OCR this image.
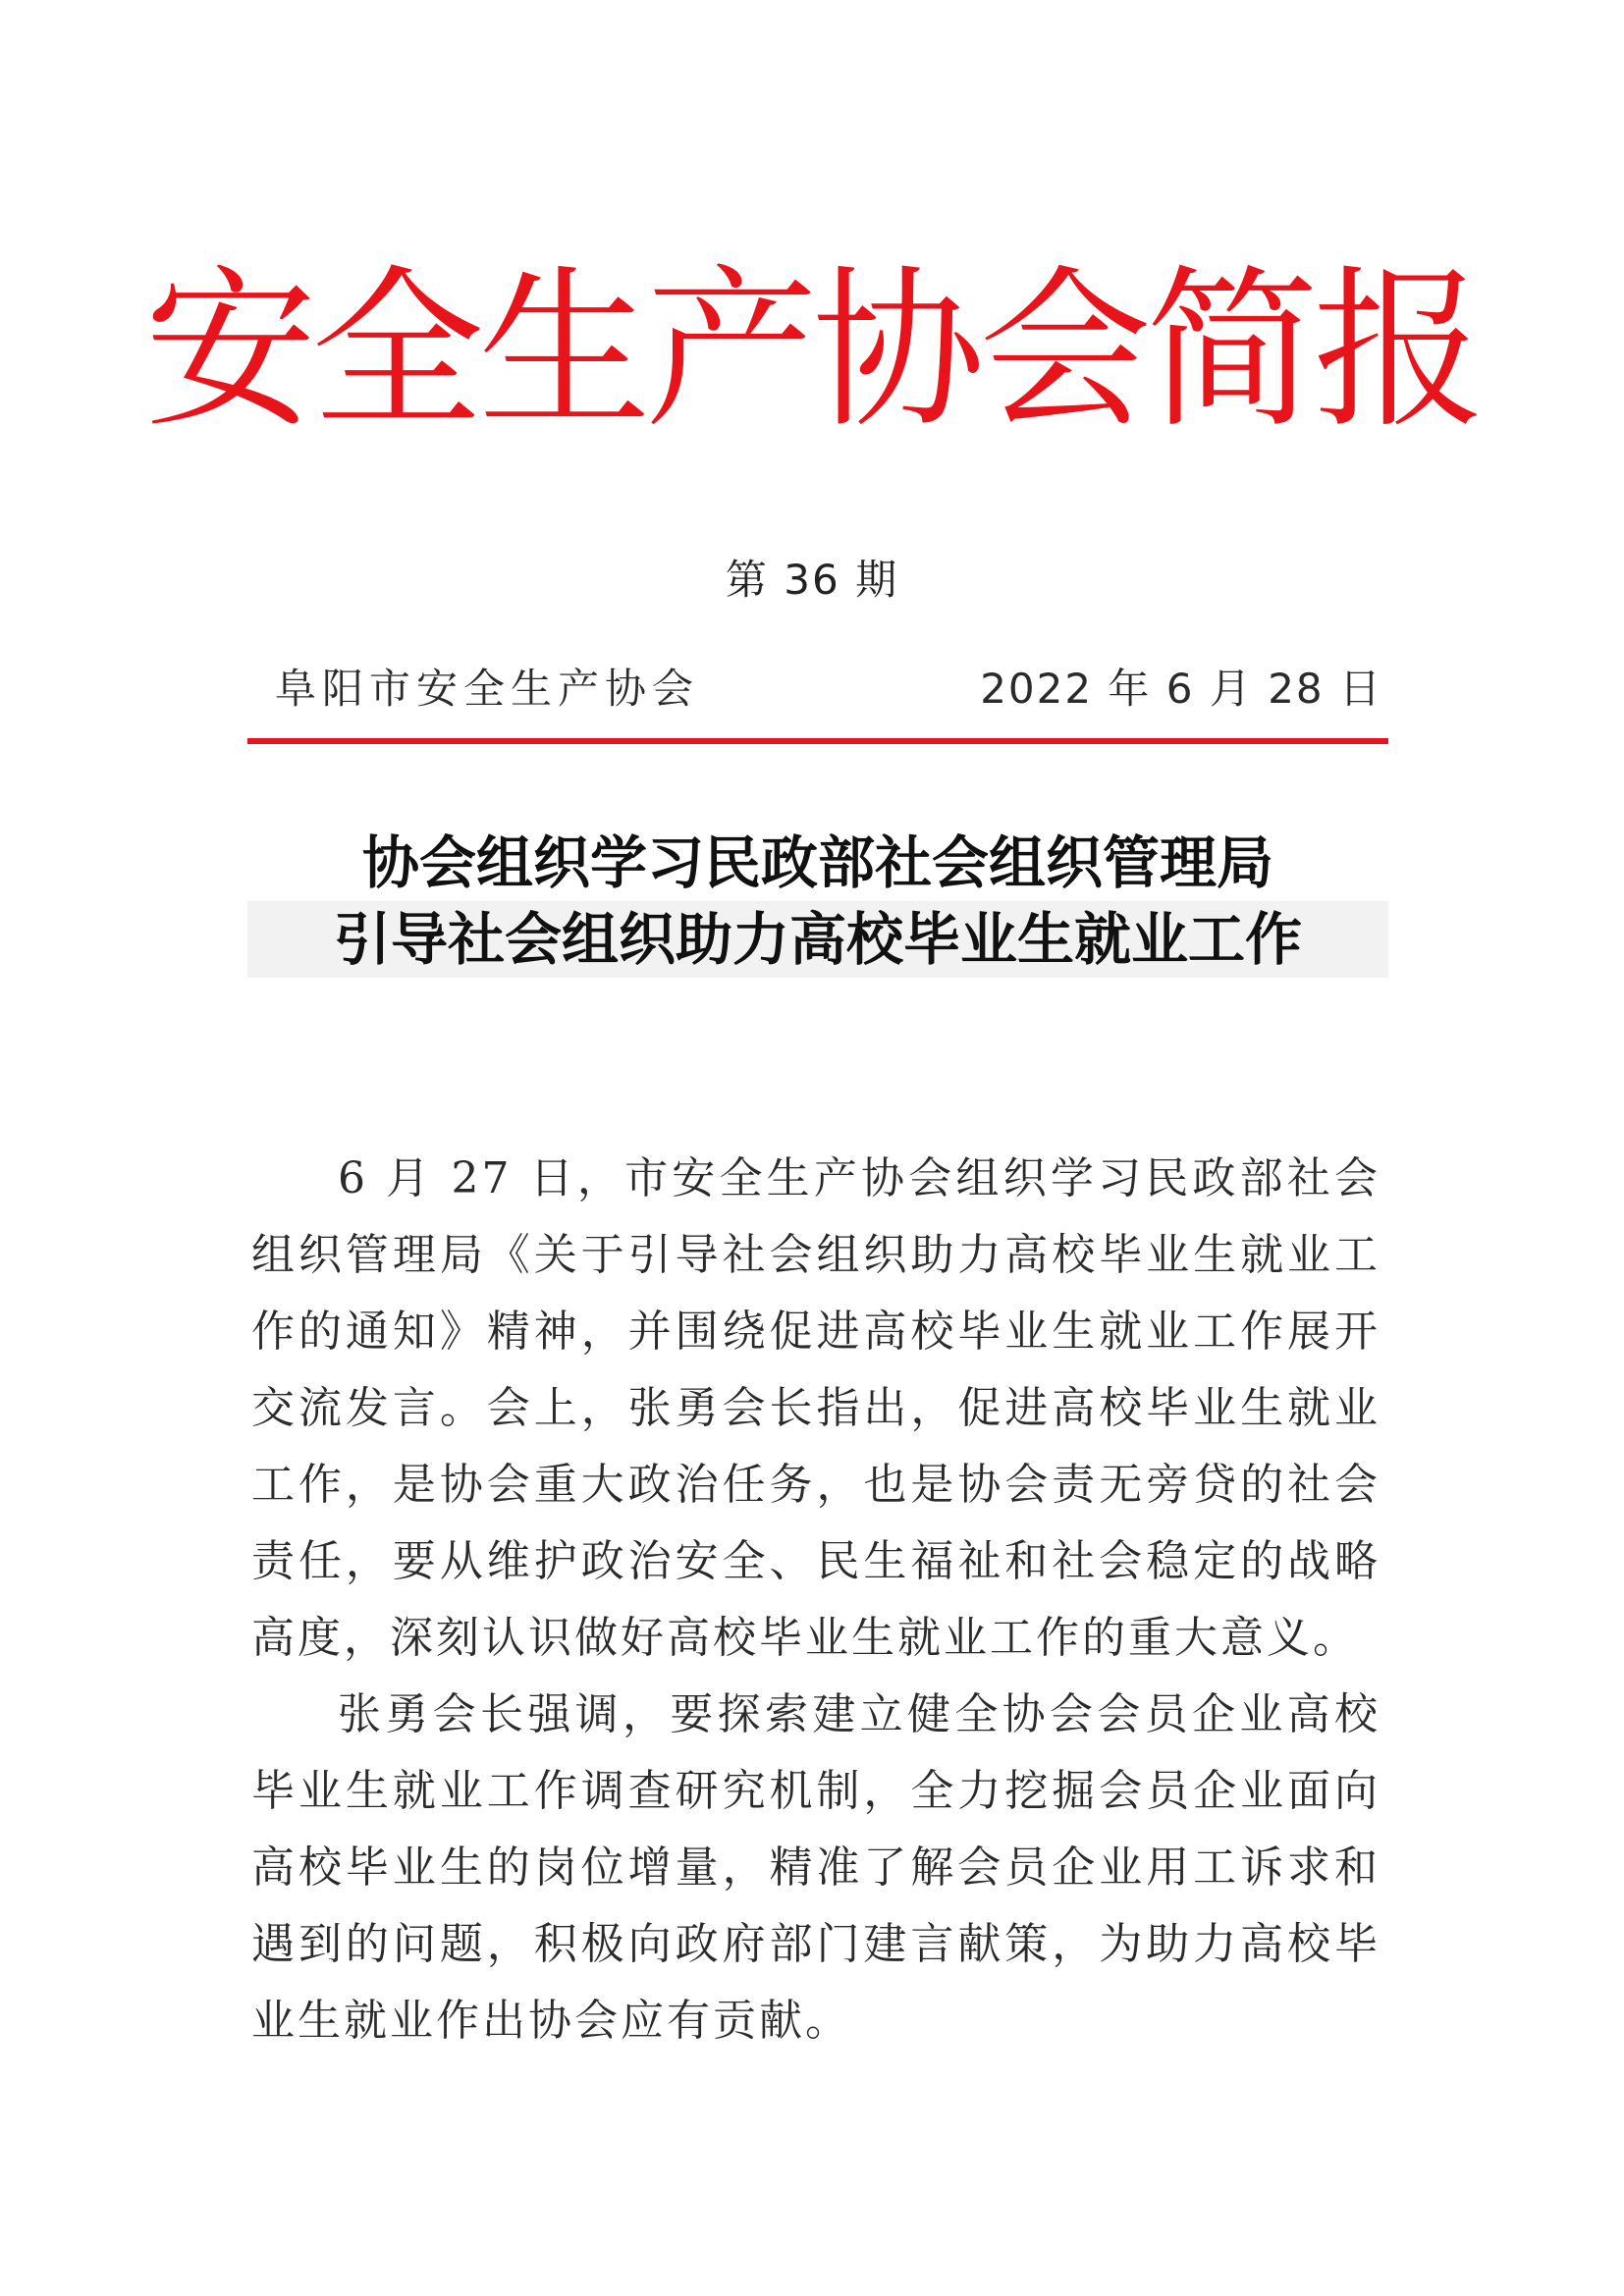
安全生产协会简报
第 36 期
阜阳市安全生产协会	2022 年 6 月 28 日
协会组织学习民政部社会组织管理局
引导社会组织助力高校毕业生就业工作

6 月 27 日，市安全生产协会组织学习民政部社会组织管理局《关于引导社会组织助力高校毕业生就业工作的通知》精神，并围绕促进高校毕业生就业工作展开交流发言。会上，张勇会长指出，促进高校毕业生就业工作，是协会重大政治任务，也是协会责无旁贷的社会责任，要从维护政治安全、民生福祉和社会稳定的战略高度，深刻认识做好高校毕业生就业工作的重大意义。

张勇会长强调，要探索建立健全协会会员企业高校毕业生就业工作调查研究机制，全力挖掘会员企业面向高校毕业生的岗位增量，精准了解会员企业用工诉求和遇到的问题，积极向政府部门建言献策，为助力高校毕业生就业作出协会应有贡献。
